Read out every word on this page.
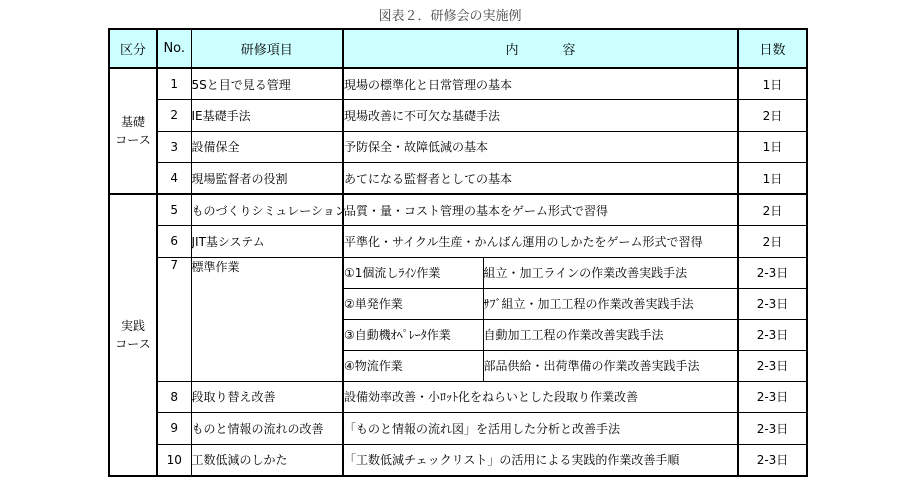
図表２．研修会の実施例
区分	No.	研修項目	内 容		日数

基礎
コース	1	5Sと目で見る管理	現場の標準化と日常管理の基本		1日
	2	IE基礎手法	現場改善に不可欠な基礎手法		2日
	3	設備保全	予防保全・故障低減の基本		1日
	4	現場監督者の役割	あてになる監督者としての基本		1日

実践
コース	5	ものづくりシミュレーション	品質・量・コスト管理の基本をゲーム形式で習得		2日
	6	JIT基システム	平準化・サイクル生産・かんばん運用のしかたをゲーム形式で習得		2日
	7	標準作業	①1個流しﾗｲﾝ作業	組立・加工ラインの作業改善実践手法	2-3日
			②単発作業	ｻﾌﾞ組立・加工工程の作業改善実践手法	2-3日
			③自動機ｵﾍﾟﾚｰﾀ作業	自動加工工程の作業改善実践手法	2-3日
			④物流作業	部品供給・出荷準備の作業改善実践手法	2-3日
	8	段取り替え改善	設備効率改善・小ﾛｯﾄ化をねらいとした段取り作業改善		2-3日
	9	ものと情報の流れの改善	「ものと情報の流れ図」を活用した分析と改善手法		2-3日
	10	工数低減のしかた	「工数低減チェックリスト」の活用による実践的作業改善手順		2-3日
